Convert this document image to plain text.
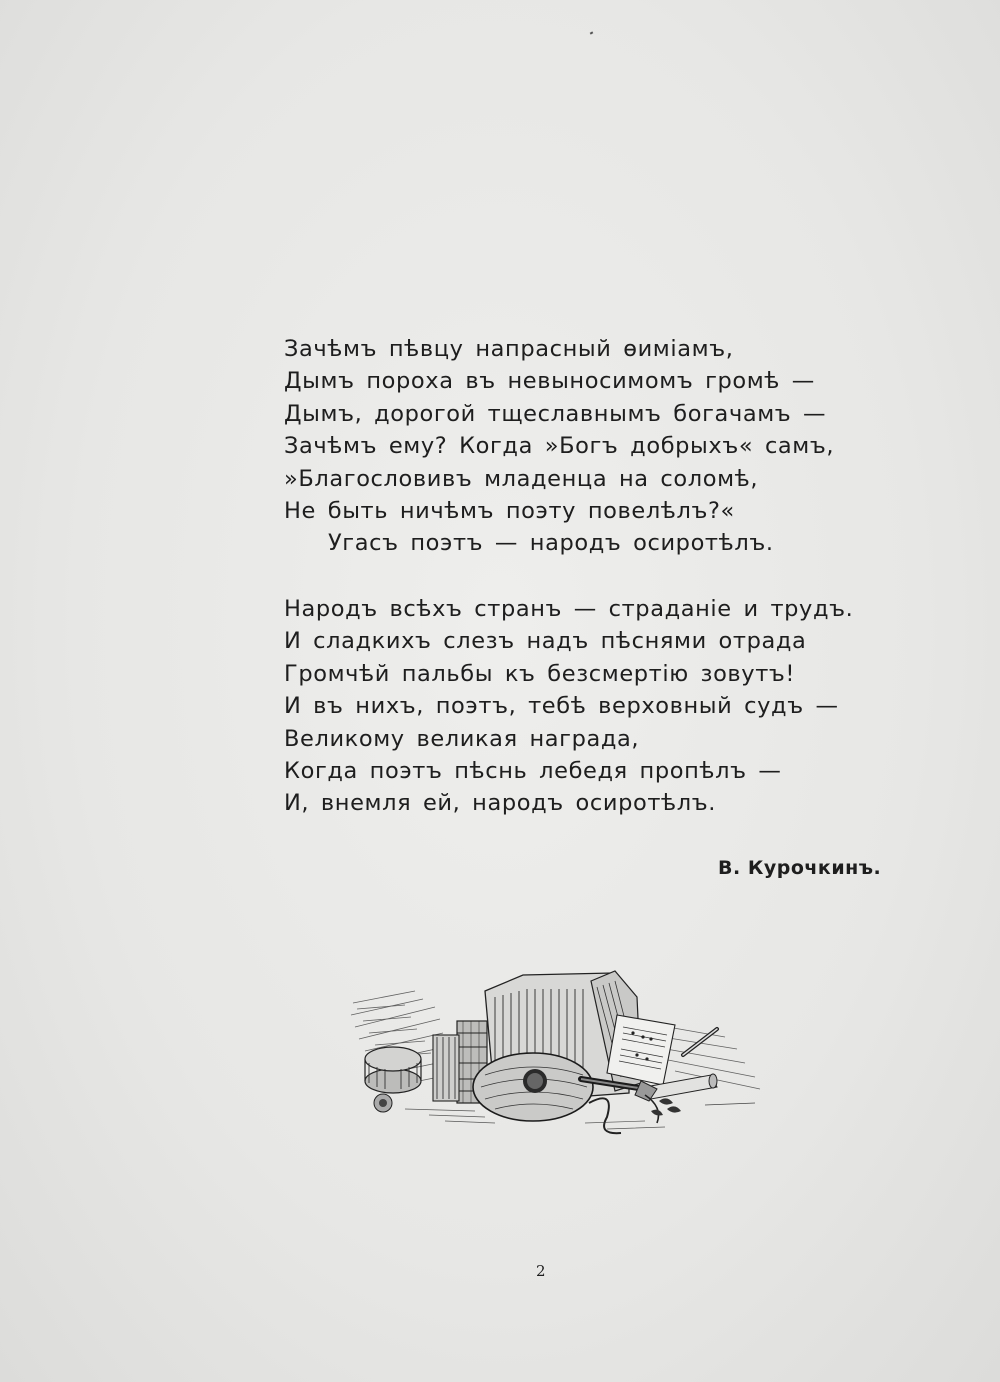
Зачѣмъ пѣвцу напрасный ѳиміамъ,
Дымъ пороха въ невыносимомъ громѣ —
Дымъ, дорогой тщеславнымъ богачамъ —
Зачѣмъ ему? Когда »Богъ добрыхъ« самъ,
»Благословивъ младенца на соломѣ,
Не быть ничѣмъ поэту повелѣлъ?«
Угасъ поэтъ — народъ осиротѣлъ.
Народъ всѣхъ странъ — страданіе и трудъ.
И сладкихъ слезъ надъ пѣснями отрада
Громчѣй пальбы къ безсмертію зовутъ!
И въ нихъ, поэтъ, тебѣ верховный судъ —
Великому великая награда,
Когда поэтъ пѣснь лебедя пропѣлъ —
И, внемля ей, народъ осиротѣлъ.
В. Курочкинъ.
2
